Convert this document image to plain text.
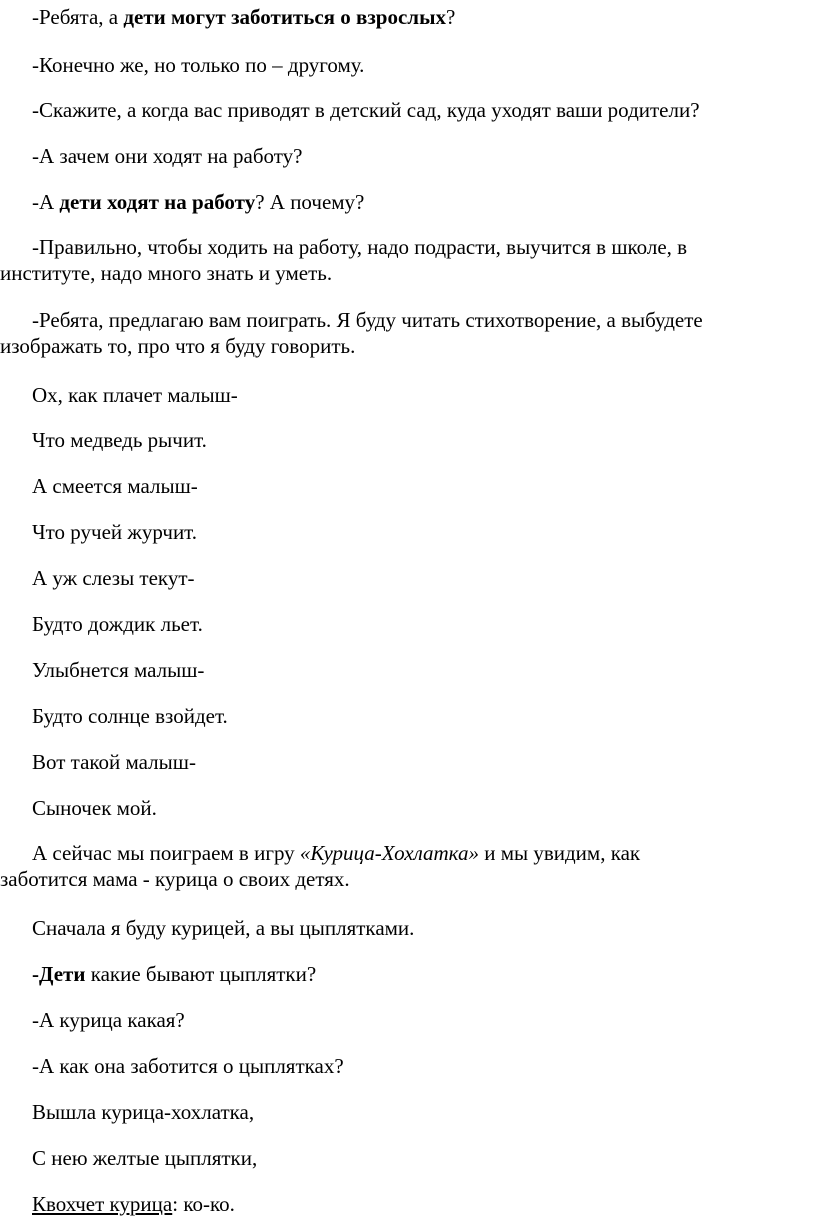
-Ребята, а дети могут заботиться о взрослых?

-Конечно же, но только по – другому.

-Скажите, а когда вас приводят в детский сад, куда уходят ваши родители?

-А зачем они ходят на работу?

-А дети ходят на работу? А почему?

-Правильно, чтобы ходить на работу, надо подрасти, выучится в школе, в
институте, надо много знать и уметь.
-Ребята, предлагаю вам поиграть. Я буду читать стихотворение, а выбудете
изображать то, про что я буду говорить.

Ох, как плачет малыш-

Что медведь рычит.

А смеется малыш-

Что ручей журчит.

А уж слезы текут-

Будто дождик льет.

Улыбнется малыш-

Будто солнце взойдет.

Вот такой малыш-

Сыночек мой.

А сейчас мы поиграем в игру «Курица-Хохлатка» и мы увидим, как
заботится мама - курица о своих детях.

Сначала я буду курицей, а вы цыплятками.

-Дети какие бывают цыплятки?

-А курица какая?

-А как она заботится о цыплятках?

Вышла курица-хохлатка,

С нею желтые цыплятки,

Квохчет курица: ко-ко.
